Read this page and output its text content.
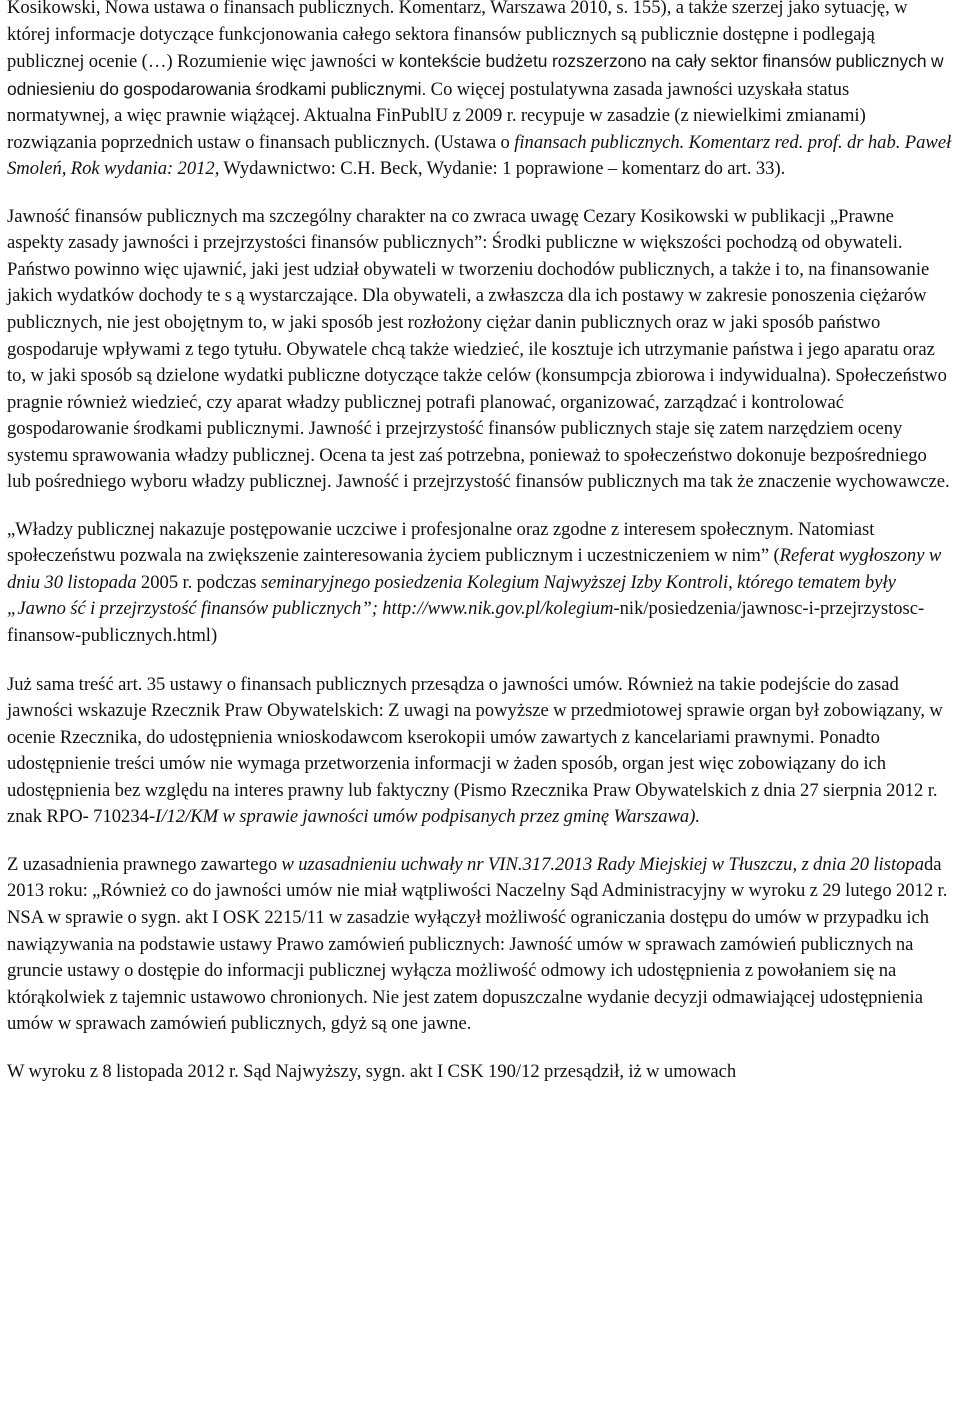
Kosikowski, Nowa ustawa o finansach publicznych. Komentarz, Warszawa 2010, s. 155), a także szerzej jako sytuację, w której informacje dotyczące funkcjonowania całego sektora finansów publicznych są publicznie dostępne i podlegają publicznej ocenie (…) Rozumienie więc jawności w kontekście budżetu rozszerzono na cały sektor finansów publicznych w odniesieniu do gospodarowania środkami publicznymi. Co więcej postulatywna zasada jawności uzyskała status normatywnej, a więc prawnie wiążącej. Aktualna FinPublU z 2009 r. recypuje w zasadzie (z niewielkimi zmianami) rozwiązania poprzednich ustaw o finansach publicznych. (Ustawa o finansach publicznych. Komentarz red. prof. dr hab. Paweł Smoleń, Rok wydania: 2012, Wydawnictwo: C.H. Beck, Wydanie: 1 poprawione – komentarz do art. 33).

Jawność finansów publicznych ma szczególny charakter na co zwraca uwagę Cezary Kosikowski w publikacji „Prawne aspekty zasady jawności i przejrzystości finansów publicznych”: Środki publiczne w większości pochodzą od obywateli. Państwo powinno więc ujawnić, jaki jest udział obywateli w tworzeniu dochodów publicznych, a także i to, na finansowanie jakich wydatków dochody te s ą wystarczające. Dla obywateli, a zwłaszcza dla ich postawy w zakresie ponoszenia ciężarów publicznych, nie jest obojętnym to, w jaki sposób jest rozłożony ciężar danin publicznych oraz w jaki sposób państwo gospodaruje wpływami z tego tytułu. Obywatele chcą także wiedzieć, ile kosztuje ich utrzymanie państwa i jego aparatu oraz to, w jaki sposób są dzielone wydatki publiczne dotyczące także celów (konsumpcja zbiorowa i indywidualna). Społeczeństwo pragnie również wiedzieć, czy aparat władzy publicznej potrafi planować, organizować, zarządzać i kontrolować gospodarowanie środkami publicznymi. Jawność i przejrzystość finansów publicznych staje się zatem narzędziem oceny systemu sprawowania władzy publicznej. Ocena ta jest zaś potrzebna, ponieważ to społeczeństwo dokonuje bezpośredniego lub pośredniego wyboru władzy publicznej. Jawność i przejrzystość finansów publicznych ma tak że znaczenie wychowawcze.

„Władzy publicznej nakazuje postępowanie uczciwe i profesjonalne oraz zgodne z interesem społecznym. Natomiast społeczeństwu pozwala na zwiększenie zainteresowania życiem publicznym i uczestniczeniem w nim” (Referat wygłoszony w dniu 30 listopada 2005 r. podczas seminaryjnego posiedzenia Kolegium Najwyższej Izby Kontroli, którego tematem były „Jawno ść i przejrzystość finansów publicznych”; http://www.nik.gov.pl/kolegium-nik/posiedzenia/jawnosc-i-przejrzystosc-finansow-publicznych.html)

Już sama treść art. 35 ustawy o finansach publicznych przesądza o jawności umów. Również na takie podejście do zasad jawności wskazuje Rzecznik Praw Obywatelskich: Z uwagi na powyższe w przedmiotowej sprawie organ był zobowiązany, w ocenie Rzecznika, do udostępnienia wnioskodawcom kserokopii umów zawartych z kancelariami prawnymi. Ponadto udostępnienie treści umów nie wymaga przetworzenia informacji w żaden sposób, organ jest więc zobowiązany do ich udostępnienia bez względu na interes prawny lub faktyczny (Pismo Rzecznika Praw Obywatelskich z dnia 27 sierpnia 2012 r. znak RPO- 710234-I/12/KM w sprawie jawności umów podpisanych przez gminę Warszawa).

Z uzasadnienia prawnego zawartego w uzasadnieniu uchwały nr VIN.317.2013 Rady Miejskiej w Tłuszczu, z dnia 20 listopada 2013 roku: „Również co do jawności umów nie miał wątpliwości Naczelny Sąd Administracyjny w wyroku z 29 lutego 2012 r. NSA w sprawie o sygn. akt I OSK 2215/11 w zasadzie wyłączył możliwość ograniczania dostępu do umów w przypadku ich nawiązywania na podstawie ustawy Prawo zamówień publicznych: Jawność umów w sprawach zamówień publicznych na gruncie ustawy o dostępie do informacji publicznej wyłącza możliwość odmowy ich udostępnienia z powołaniem się na którąkolwiek z tajemnic ustawowo chronionych. Nie jest zatem dopuszczalne wydanie decyzji odmawiającej udostępnienia umów w sprawach zamówień publicznych, gdyż są one jawne.

W wyroku z 8 listopada 2012 r. Sąd Najwyższy, sygn. akt I CSK 190/12 przesądził, iż w umowach
